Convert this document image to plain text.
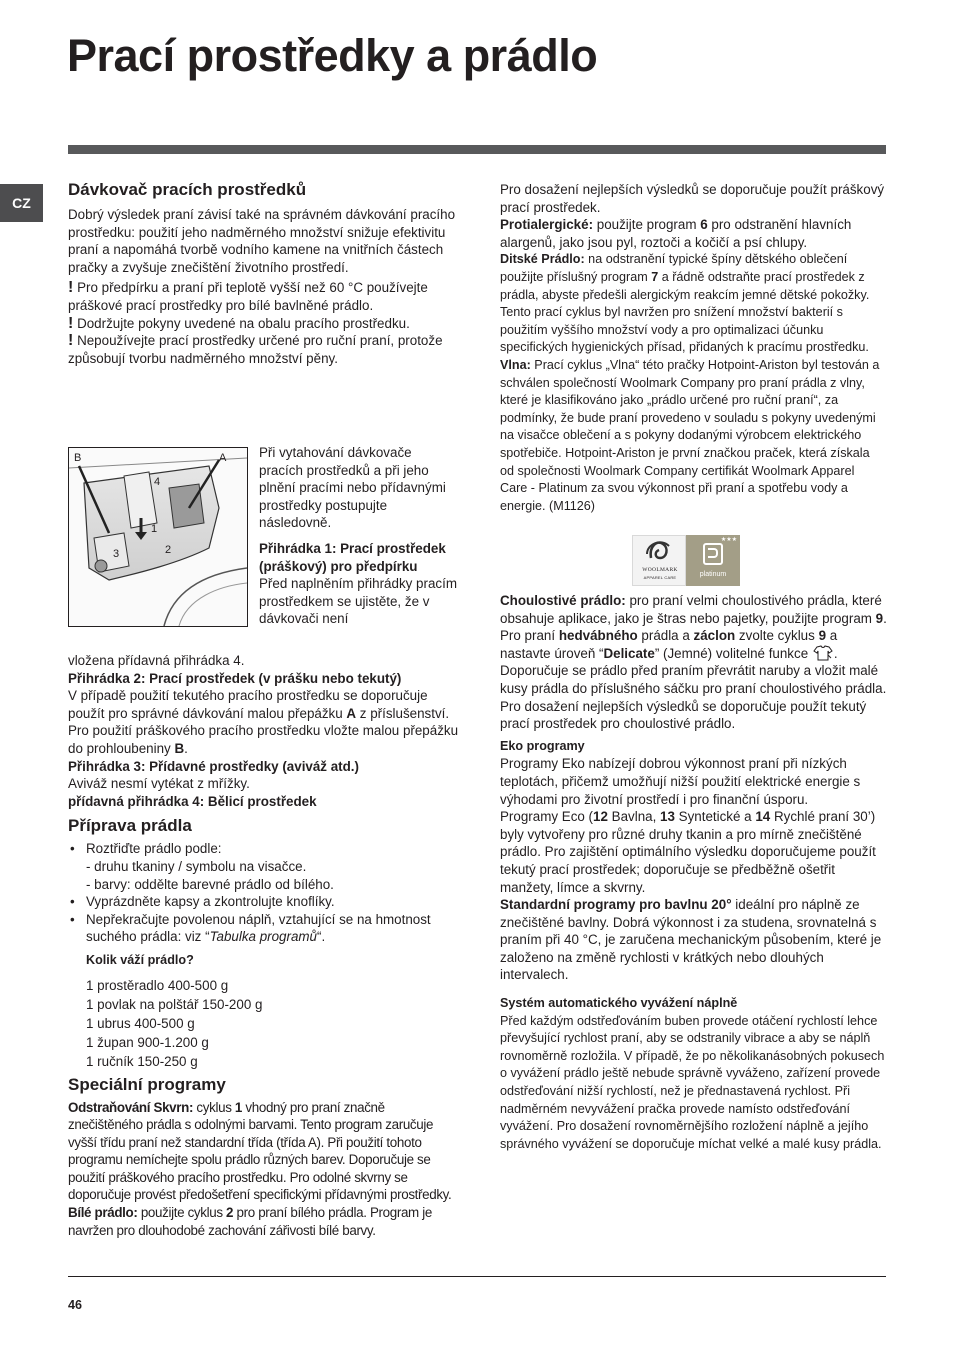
Prací prostředky a prádlo
CZ
Dávkovač pracích prostředků

Dobrý výsledek praní závisí také na správném dávkování pracího prostředku: použití jeho nadměrného množství snižuje efektivitu praní a napomáhá tvorbě vodního kamene na vnitřních částech pračky a zvyšuje znečištění životního prostředí.

! Pro předpírku a praní při teplotě vyšší než 60 °C používejte práškové prací prostředky pro bílé bavlněné prádlo.

! Dodržujte pokyny uvedené na obalu pracího prostředku.

! Nepoužívejte prací prostředky určené pro ruční praní, protože způsobují tvorbu nadměrného množství pěny.

B	A
4
1
2
3

Při vytahování dávkovače pracích prostředků a při jeho plnění pracími nebo přídavnými prostředky postupujte následovně.

Přihrádka 1: Prací prostředek (práškový) pro předpírku

Před naplněním přihrádky pracím prostředkem se ujistěte, že v dávkovači není

vložena přídavná přihrádka 4.

Přihrádka 2: Prací prostředek (v prášku nebo tekutý)

V případě použití tekutého pracího prostředku se doporučuje použít pro správné dávkování malou přepážku A z příslušenství. Pro použití práškového pracího prostředku vložte malou přepážku do prohloubeniny B.

Přihrádka 3: Přídavné prostředky (aviváž atd.)

Aviváž nesmí vytékat z mřížky.

přídavná přihrádka 4: Bělicí prostředek

Příprava prádla
• Roztřiďte prádlo podle:
- druhu tkaniny / symbolu na visačce.
- barvy: oddělte barevné prádlo od bílého.
• Vyprázdněte kapsy a zkontrolujte knoflíky.
• Nepřekračujte povolenou náplň, vztahující se na hmotnost suchého prádla: viz “Tabulka programů“.
Kolik váží prádlo?
1 prostěradlo 400-500 g
1 povlak na polštář 150-200 g
1 ubrus 400-500 g
1 župan 900-1.200 g
1 ručník 150-250 g
Speciální programy

Odstraňování Skvrn: cyklus 1 vhodný pro praní značně znečištěného prádla s odolnými barvami. Tento program zaručuje vyšší třídu praní než standardní třída (třída A). Při použití tohoto programu nemíchejte spolu prádlo různých barev. Doporučuje se použití práškového pracího prostředku. Pro odolné skvrny se doporučuje provést předošetření specifickými přídavnými prostředky.

Bílé prádlo: použijte cyklus 2 pro praní bílého prádla. Program je navržen pro dlouhodobé zachování zářivosti bílé barvy.

Pro dosažení nejlepších výsledků se doporučuje použít práškový prací prostředek.

Protialergické: použijte program 6 pro odstranění hlavních alargenů, jako jsou pyl, roztoči a kočičí a psí chlupy.

Ditské Prádlo: na odstranění typické špíny dětského oblečení použijte příslušný program 7 a řádně odstraňte prací prostředek z prádla, abyste předešli alergickým reakcím jemné dětské pokožky. Tento prací cyklus byl navržen pro snížení množství bakterií s použitím vyššího množství vody a pro optimalizaci účunku specifických hygienických přísad, přidaných k pracímu prostředku.

Vlna: Prací cyklus „Vlna“ této pračky Hotpoint-Ariston byl testován a schválen společností Woolmark Company pro praní prádla z vlny, které je klasifikováno jako „prádlo určené pro ruční praní“, za podmínky, že bude praní provedeno v souladu s pokyny uvedenými na visačce oblečení a s pokyny dodanými výrobcem elektrického spotřebiče. Hotpoint-Ariston je první značkou praček, která získala od společnosti Woolmark Company certifikát Woolmark Apparel Care - Platinum za svou výkonnost při praní a spotřebu vody a energie. (M1126)

WOOLMARK
APPAREL CARE
★★★
platinum

Choulostivé prádlo: pro praní velmi choulostivého prádla, které obsahuje aplikace, jako je štras nebo pajetky, použijte program 9.

Pro praní hedvábného prádla a záclon zvolte cyklus 9 a nastavte úroveň “Delicate” (Jemné) volitelné funkce . Doporučuje se prádlo před praním převrátit naruby a vložit malé kusy prádla do příslušného sáčku pro praní choulostivého prádla.

Pro dosažení nejlepších výsledků se doporučuje použít tekutý prací prostředek pro choulostivé prádlo.

Eko programy

Programy Eko nabízejí dobrou výkonnost praní při nízkých teplotách, přičemž umožňují nižší použití elektrické energie s výhodami pro životní prostředí i pro finanční úsporu.

Programy Eco (12 Bavlna, 13 Syntetické a 14 Rychlé praní 30’) byly vytvořeny pro různé druhy tkanin a pro mírně znečištěné prádlo. Pro zajištění optimálního výsledku doporučujeme použít tekutý prací prostředek; doporučuje se předběžně ošetřit manžety, límce a skvrny.

Standardní programy pro bavlnu 20° ideální pro náplně ze znečištěné bavlny. Dobrá výkonnost i za studena, srovnatelná s praním při 40 °C, je zaručena mechanickým působením, které je založeno na změně rychlosti v krátkých nebo dlouhých intervalech.

Systém automatického vyvážení náplně

Před každým odstřeďováním buben provede otáčení rychlostí lehce převyšující rychlost praní, aby se odstranily vibrace a aby se náplň rovnoměrně rozložila. V případě, že po několikanásobných pokusech o vyvážení prádlo ještě nebude správně vyváženo, zařízení provede odstřeďování nižší rychlostí, než je přednastavená rychlost. Při nadměrném nevyvážení pračka provede namísto odstřeďování vyvážení. Pro dosažení rovnoměrnějšího rozložení náplně a jejího správného vyvážení se doporučuje míchat velké a malé kusy prádla.

46
